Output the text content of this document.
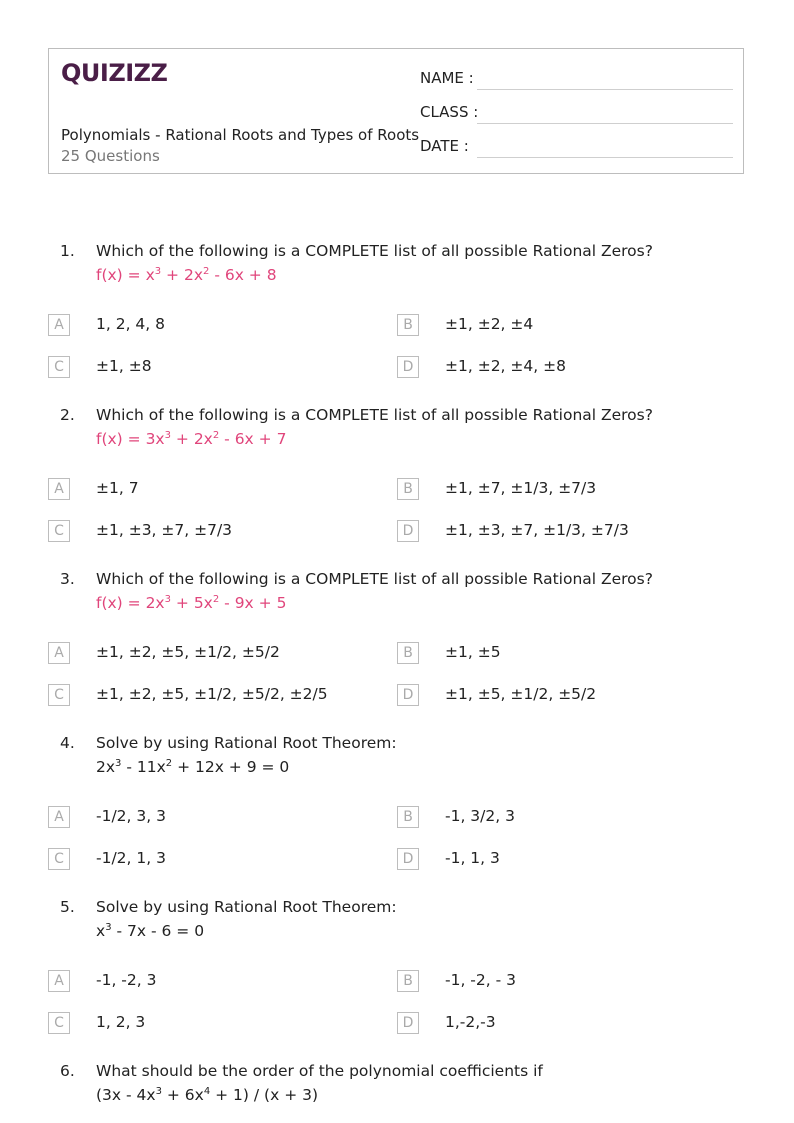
QUIZIZZ
Polynomials - Rational Roots and Types of Roots
25 Questions
NAME :
CLASS :
DATE :
1. Which of the following is a COMPLETE list of all possible Rational Zeros?
$f(x) = x^3 + 2x^2 - 6x + 8$
A	1, 2, 4, 8	B	±1, ±2, ±4
C	±1, ±8	D	±1, ±2, ±4, ±8
2. Which of the following is a COMPLETE list of all possible Rational Zeros?
$f(x) = 3x^3 + 2x^2 - 6x + 7$
A	±1, 7	B	±1, ±7, ±1/3, ±7/3
C	±1, ±3, ±7, ±7/3	D	±1, ±3, ±7, ±1/3, ±7/3
3. Which of the following is a COMPLETE list of all possible Rational Zeros?
$f(x) = 2x^3 + 5x^2 - 9x + 5$
A	±1, ±2, ±5, ±1/2, ±5/2	B	±1, ±5
C	±1, ±2, ±5, ±1/2, ±5/2, ±2/5	D	±1, ±5, ±1/2, ±5/2
4. Solve by using Rational Root Theorem:
$2x^3 - 11x^2 + 12x + 9 = 0$
A	-1/2, 3, 3	B	-1, 3/2, 3
C	-1/2, 1, 3	D	-1, 1, 3
5. Solve by using Rational Root Theorem:
$x^3 - 7x - 6 = 0$
A	-1, -2, 3	B	-1, -2, - 3
C	1, 2, 3	D	1,-2,-3
6. What should be the order of the polynomial coefficients if
$(3x - 4x^3 + 6x^4 + 1) / (x + 3)$
